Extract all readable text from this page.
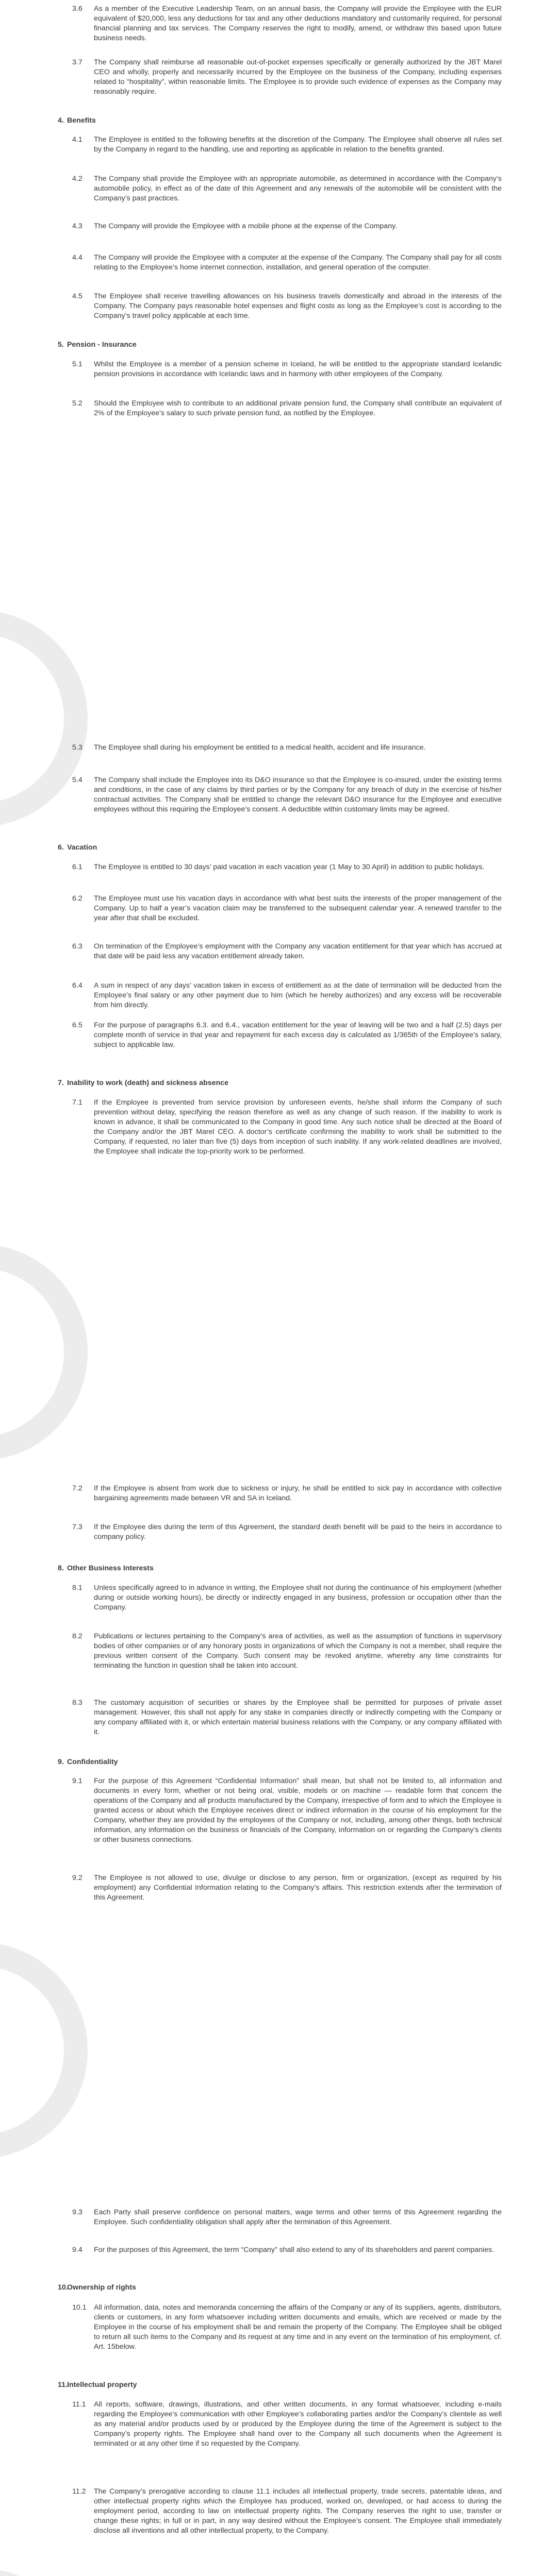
3.6 As a member of the Executive Leadership Team, on an annual basis, the Company will provide the Employee with the EUR equivalent of $20,000, less any deductions for tax and any other deductions mandatory and customarily required, for personal financial planning and tax services. The Company reserves the right to modify, amend, or withdraw this based upon future business needs.

3.7 The Company shall reimburse all reasonable out-of-pocket expenses specifically or generally authorized by the JBT Marel CEO and wholly, properly and necessarily incurred by the Employee on the business of the Company, including expenses related to “hospitality”, within reasonable limits. The Employee is to provide such evidence of expenses as the Company may reasonably require.

4. Benefits
4.1 The Employee is entitled to the following benefits at the discretion of the Company. The Employee shall observe all rules set by the Company in regard to the handling, use and reporting as applicable in relation to the benefits granted.

4.2 The Company shall provide the Employee with an appropriate automobile, as determined in accordance with the Company’s automobile policy, in effect as of the date of this Agreement and any renewals of the automobile will be consistent with the Company’s past practices.

4.3 The Company will provide the Employee with a mobile phone at the expense of the Company.

4.4 The Company will provide the Employee with a computer at the expense of the Company. The Company shall pay for all costs relating to the Employee’s home internet connection, installation, and general operation of the computer.

4.5 The Employee shall receive travelling allowances on his business travels domestically and abroad in the interests of the Company. The Company pays reasonable hotel expenses and flight costs as long as the Employee’s cost is according to the Company’s travel policy applicable at each time.

5. Pension - Insurance
5.1 Whilst the Employee is a member of a pension scheme in Iceland, he will be entitled to the appropriate standard Icelandic pension provisions in accordance with Icelandic laws and in harmony with other employees of the Company.

5.2 Should the Employee wish to contribute to an additional private pension fund, the Company shall contribute an equivalent of 2% of the Employee’s salary to such private pension fund, as notified by the Employee.

5.3 The Employee shall during his employment be entitled to a medical health, accident and life insurance.

5.4 The Company shall include the Employee into its D&O insurance so that the Employee is co-insured, under the existing terms and conditions, in the case of any claims by third parties or by the Company for any breach of duty in the exercise of his/her contractual activities. The Company shall be entitled to change the relevant D&O insurance for the Employee and executive employees without this requiring the Employee’s consent. A deductible within customary limits may be agreed.

6. Vacation
6.1 The Employee is entitled to 30 days’ paid vacation in each vacation year (1 May to 30 April) in addition to public holidays.

6.2 The Employee must use his vacation days in accordance with what best suits the interests of the proper management of the Company. Up to half a year’s vacation claim may be transferred to the subsequent calendar year. A renewed transfer to the year after that shall be excluded.

6.3 On termination of the Employee’s employment with the Company any vacation entitlement for that year which has accrued at that date will be paid less any vacation entitlement already taken.

6.4 A sum in respect of any days’ vacation taken in excess of entitlement as at the date of termination will be deducted from the Employee’s final salary or any other payment due to him (which he hereby authorizes) and any excess will be recoverable from him directly.

6.5 For the purpose of paragraphs 6.3. and 6.4., vacation entitlement for the year of leaving will be two and a half (2.5) days per complete month of service in that year and repayment for each excess day is calculated as 1/365th of the Employee’s salary, subject to applicable law.

7. Inability to work (death) and sickness absence
7.1 If the Employee is prevented from service provision by unforeseen events, he/she shall inform the Company of such prevention without delay, specifying the reason therefore as well as any change of such reason. If the inability to work is known in advance, it shall be communicated to the Company in good time. Any such notice shall be directed at the Board of the Company and/or the JBT Marel CEO. A doctor’s certificate confirming the inability to work shall be submitted to the Company, if requested, no later than five (5) days from inception of such inability. If any work-related deadlines are involved, the Employee shall indicate the top-priority work to be performed.

7.2 If the Employee is absent from work due to sickness or injury, he shall be entitled to sick pay in accordance with collective bargaining agreements made between VR and SA in Iceland.

7.3 If the Employee dies during the term of this Agreement, the standard death benefit will be paid to the heirs in accordance to company policy.

8. Other Business Interests
8.1 Unless specifically agreed to in advance in writing, the Employee shall not during the continuance of his employment (whether during or outside working hours), be directly or indirectly engaged in any business, profession or occupation other than the Company.

8.2 Publications or lectures pertaining to the Company’s area of activities, as well as the assumption of functions in supervisory bodies of other companies or of any honorary posts in organizations of which the Company is not a member, shall require the previous written consent of the Company. Such consent may be revoked anytime, whereby any time constraints for terminating the function in question shall be taken into account.

8.3 The customary acquisition of securities or shares by the Employee shall be permitted for purposes of private asset management. However, this shall not apply for any stake in companies directly or indirectly competing with the Company or any company affiliated with it, or which entertain material business relations with the Company, or any company affiliated with it.

9. Confidentiality
9.1 For the purpose of this Agreement “Confidential Information” shall mean, but shall not be limited to, all information and documents in every form, whether or not being oral, visible, models or on machine — readable form that concern the operations of the Company and all products manufactured by the Company, irrespective of form and to which the Employee is granted access or about which the Employee receives direct or indirect information in the course of his employment for the Company, whether they are provided by the employees of the Company or not, including, among other things, both technical information, any information on the business or financials of the Company, information on or regarding the Company’s clients or other business connections.

9.2 The Employee is not allowed to use, divulge or disclose to any person, firm or organization, (except as required by his employment) any Confidential Information relating to the Company’s affairs. This restriction extends after the termination of this Agreement.

9.3 Each Party shall preserve confidence on personal matters, wage terms and other terms of this Agreement regarding the Employee. Such confidentiality obligation shall apply after the termination of this Agreement.

9.4 For the purposes of this Agreement, the term “Company” shall also extend to any of its shareholders and parent companies.

10. Ownership of rights
10.1 All information, data, notes and memoranda concerning the affairs of the Company or any of its suppliers, agents, distributors, clients or customers, in any form whatsoever including written documents and emails, which are received or made by the Employee in the course of his employment shall be and remain the property of the Company. The Employee shall be obliged to return all such items to the Company and its request at any time and in any event on the termination of his employment, cf. Art. 15below.

11. Intellectual property
11.1 All reports, software, drawings, illustrations, and other written documents, in any format whatsoever, including e-mails regarding the Employee’s communication with other Employee’s collaborating parties and/or the Company’s clientele as well as any material and/or products used by or produced by the Employee during the time of the Agreement is subject to the Company’s property rights. The Employee shall hand over to the Company all such documents when the Agreement is terminated or at any other time if so requested by the Company.

11.2 The Company’s prerogative according to clause 11.1 includes all intellectual property, trade secrets, patentable ideas, and other intellectual property rights which the Employee has produced, worked on, developed, or had access to during the employment period, according to law on intellectual property rights. The Company reserves the right to use, transfer or change these rights; in full or in part, in any way desired without the Employee’s consent. The Employee shall immediately disclose all inventions and all other intellectual property, to the Company.
